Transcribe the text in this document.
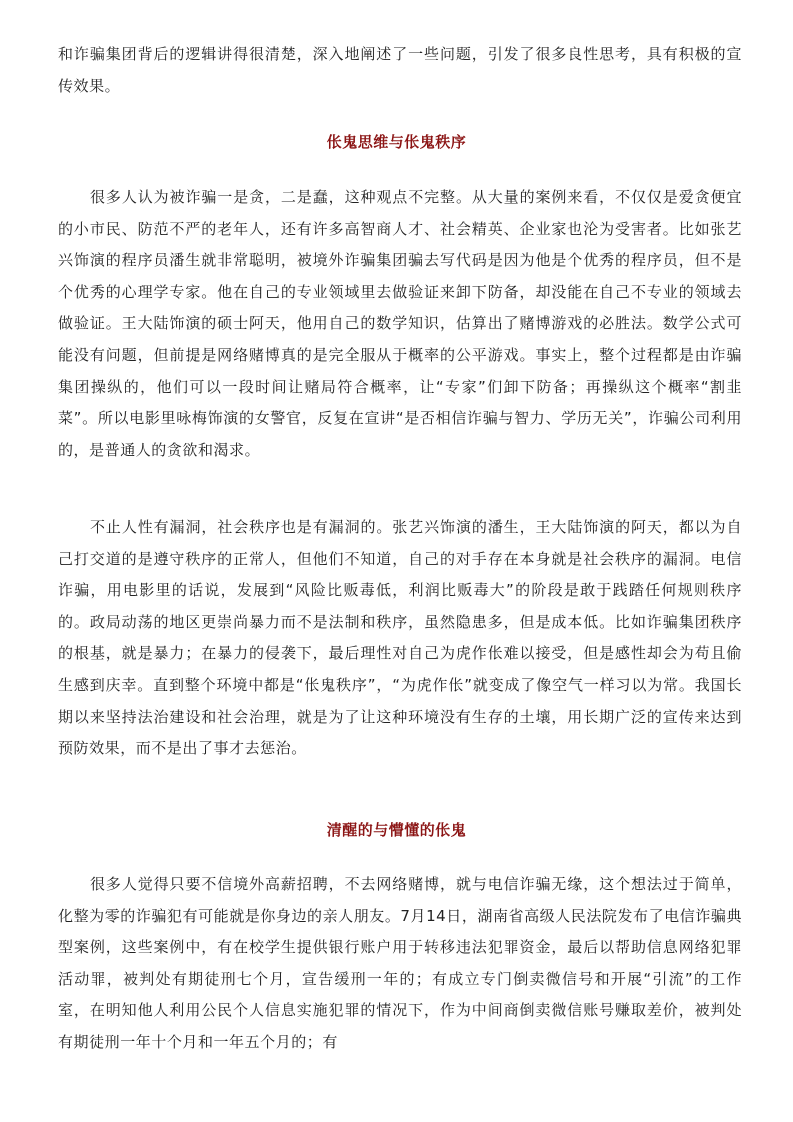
和诈骗集团背后的逻辑讲得很清楚，深入地阐述了一些问题，引发了很多良性思考，具有积极的宣传效果。

伥鬼思维与伥鬼秩序

很多人认为被诈骗一是贪，二是蠢，这种观点不完整。从大量的案例来看，不仅仅是爱贪便宜的小市民、防范不严的老年人，还有许多高智商人才、社会精英、企业家也沦为受害者。比如张艺兴饰演的程序员潘生就非常聪明，被境外诈骗集团骗去写代码是因为他是个优秀的程序员，但不是个优秀的心理学专家。他在自己的专业领域里去做验证来卸下防备，却没能在自己不专业的领域去做验证。王大陆饰演的硕士阿天，他用自己的数学知识，估算出了赌博游戏的必胜法。数学公式可能没有问题，但前提是网络赌博真的是完全服从于概率的公平游戏。事实上，整个过程都是由诈骗集团操纵的，他们可以一段时间让赌局符合概率，让“专家”们卸下防备；再操纵这个概率“割韭菜”。所以电影里咏梅饰演的女警官，反复在宣讲“是否相信诈骗与智力、学历无关”，诈骗公司利用的，是普通人的贪欲和渴求。

不止人性有漏洞，社会秩序也是有漏洞的。张艺兴饰演的潘生，王大陆饰演的阿天，都以为自己打交道的是遵守秩序的正常人，但他们不知道，自己的对手存在本身就是社会秩序的漏洞。电信诈骗，用电影里的话说，发展到“风险比贩毒低，利润比贩毒大”的阶段是敢于践踏任何规则秩序的。政局动荡的地区更崇尚暴力而不是法制和秩序，虽然隐患多，但是成本低。比如诈骗集团秩序的根基，就是暴力；在暴力的侵袭下，最后理性对自己为虎作伥难以接受，但是感性却会为苟且偷生感到庆幸。直到整个环境中都是“伥鬼秩序”，“为虎作伥”就变成了像空气一样习以为常。我国长期以来坚持法治建设和社会治理，就是为了让这种环境没有生存的土壤，用长期广泛的宣传来达到预防效果，而不是出了事才去惩治。

清醒的与懵懂的伥鬼

很多人觉得只要不信境外高薪招聘，不去网络赌博，就与电信诈骗无缘，这个想法过于简单，化整为零的诈骗犯有可能就是你身边的亲人朋友。7月14日，湖南省高级人民法院发布了电信诈骗典型案例，这些案例中，有在校学生提供银行账户用于转移违法犯罪资金，最后以帮助信息网络犯罪活动罪，被判处有期徒刑七个月，宣告缓刑一年的；有成立专门倒卖微信号和开展“引流”的工作室，在明知他人利用公民个人信息实施犯罪的情况下，作为中间商倒卖微信账号赚取差价，被判处有期徒刑一年十个月和一年五个月的；有
